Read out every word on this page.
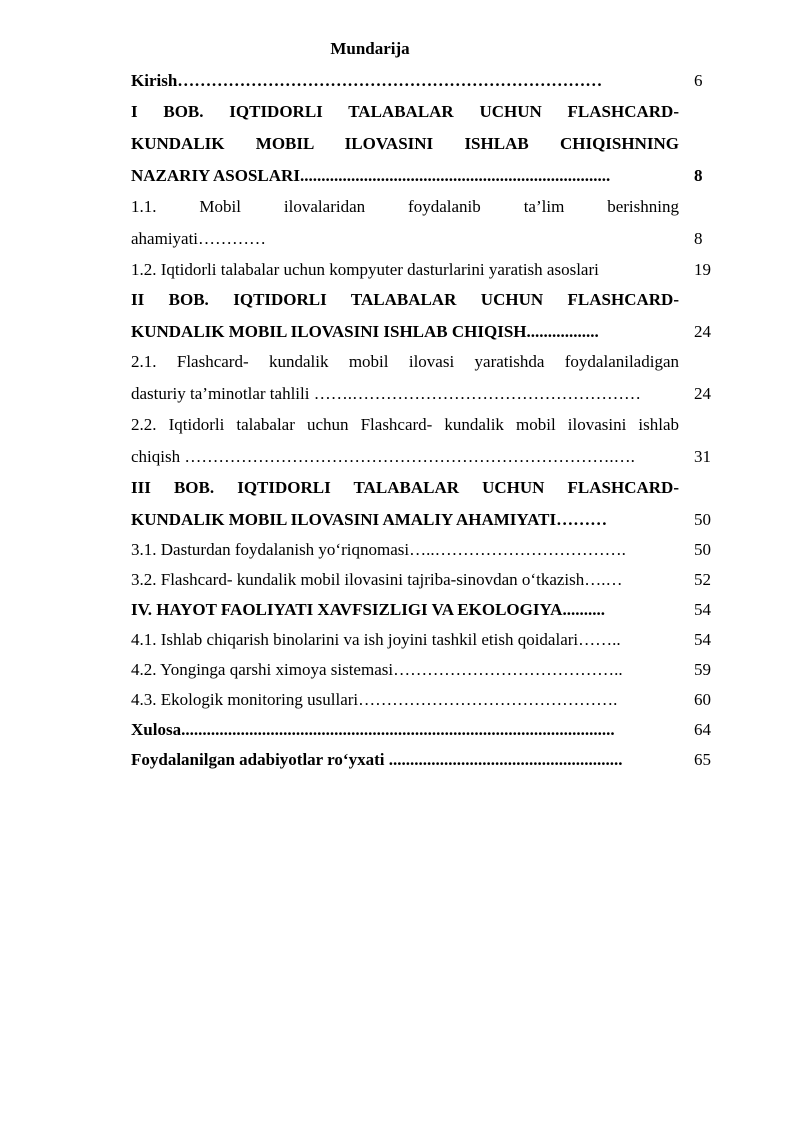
Mundarija
Kirish…………………………………………………………………	6
I BOB. IQTIDORLI TALABALAR UCHUN FLASHCARD-
KUNDALIK MOBIL ILOVASINI ISHLAB CHIQISHNING
NAZARIY ASOSLARI.........................................................................	8
1.1. Mobil ilovalaridan foydalanib ta’lim berishning
ahamiyati…………	8
1.2. Iqtidorli talabalar uchun kompyuter dasturlarini yaratish asoslari	19
II BOB. IQTIDORLI TALABALAR UCHUN FLASHCARD-
KUNDALIK MOBIL ILOVASINI ISHLAB CHIQISH.................	24
2.1. Flashcard- kundalik mobil ilovasi yaratishda foydalaniladigan
dasturiy ta’minotlar tahlili …….……………………………………………	24
2.2. Iqtidorli talabalar uchun Flashcard- kundalik mobil ilovasini ishlab
chiqish ………………………………………………………………….….	31
III BOB. IQTIDORLI TALABALAR UCHUN FLASHCARD-
KUNDALIK MOBIL ILOVASINI AMALIY AHAMIYATI………	50
3.1. Dasturdan foydalanish yo‘riqnomasi…..…………………………….	50
3.2. Flashcard- kundalik mobil ilovasini tajriba-sinovdan o‘tkazish….…	52
IV. HAYOT FAOLIYATI XAVFSIZLIGI VA EKOLOGIYA..........	54
4.1. Ishlab chiqarish binolarini va ish joyini tashkil etish qoidalari……..	54
4.2. Yonginga qarshi ximoya sistemasi…………………………………..	59
4.3. Ekologik monitoring usullari……………………………………….	60
Xulosa......................................................................................................	64
Foydalanilgan adabiyotlar ro‘yxati .......................................................	65
